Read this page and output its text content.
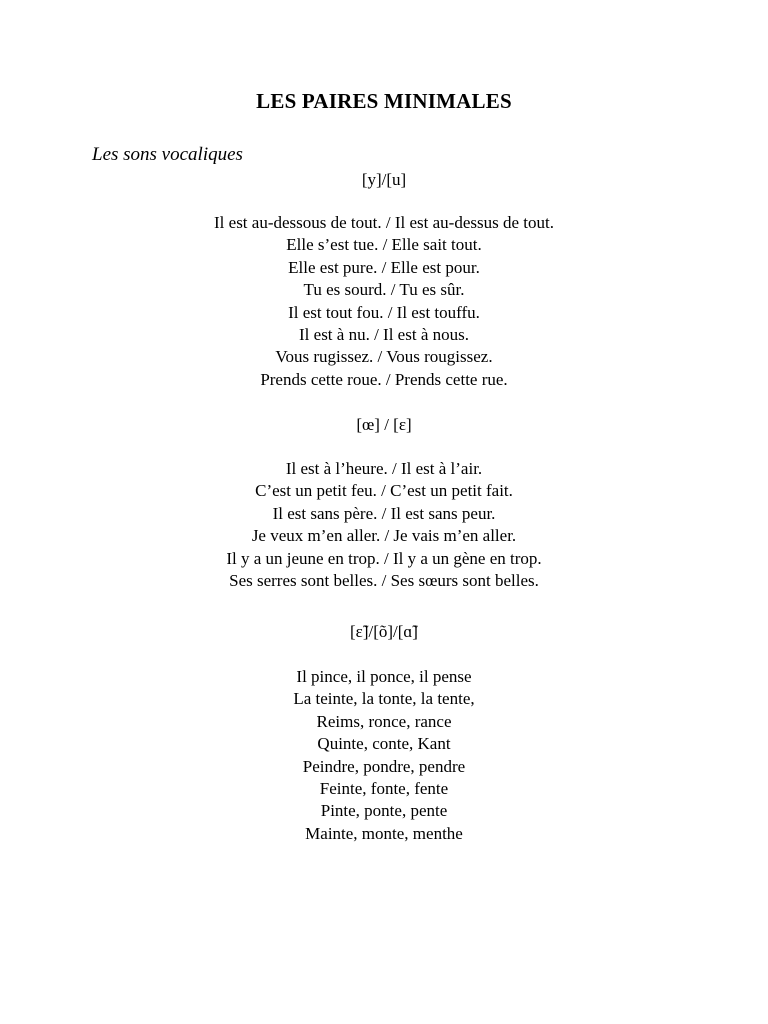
LES PAIRES MINIMALES
Les sons vocaliques
[y]/[u]
Il est au-dessous de tout. / Il est au-dessus de tout.
Elle s’est tue. / Elle sait tout.
Elle est pure. / Elle est pour.
Tu es sourd. / Tu es sûr.
Il est tout fou. / Il est touffu.
Il est à nu. / Il est à nous.
Vous rugissez. / Vous rougissez.
Prends cette roue. / Prends cette rue.
[œ] / [ɛ]
Il est à l’heure. / Il est à l’air.
C’est un petit feu. / C’est un petit fait.
Il est sans père. / Il est sans peur.
Je veux m’en aller. / Je vais m’en aller.
Il y a un jeune en trop. / Il y a un gène en trop.
Ses serres sont belles. / Ses sœurs sont belles.
[ɛ̃]/[õ]/[ɑ̃]
Il pince, il ponce, il pense
La teinte, la tonte, la tente,
Reims, ronce, rance
Quinte, conte, Kant
Peindre, pondre, pendre
Feinte, fonte, fente
Pinte, ponte, pente
Mainte, monte, menthe
